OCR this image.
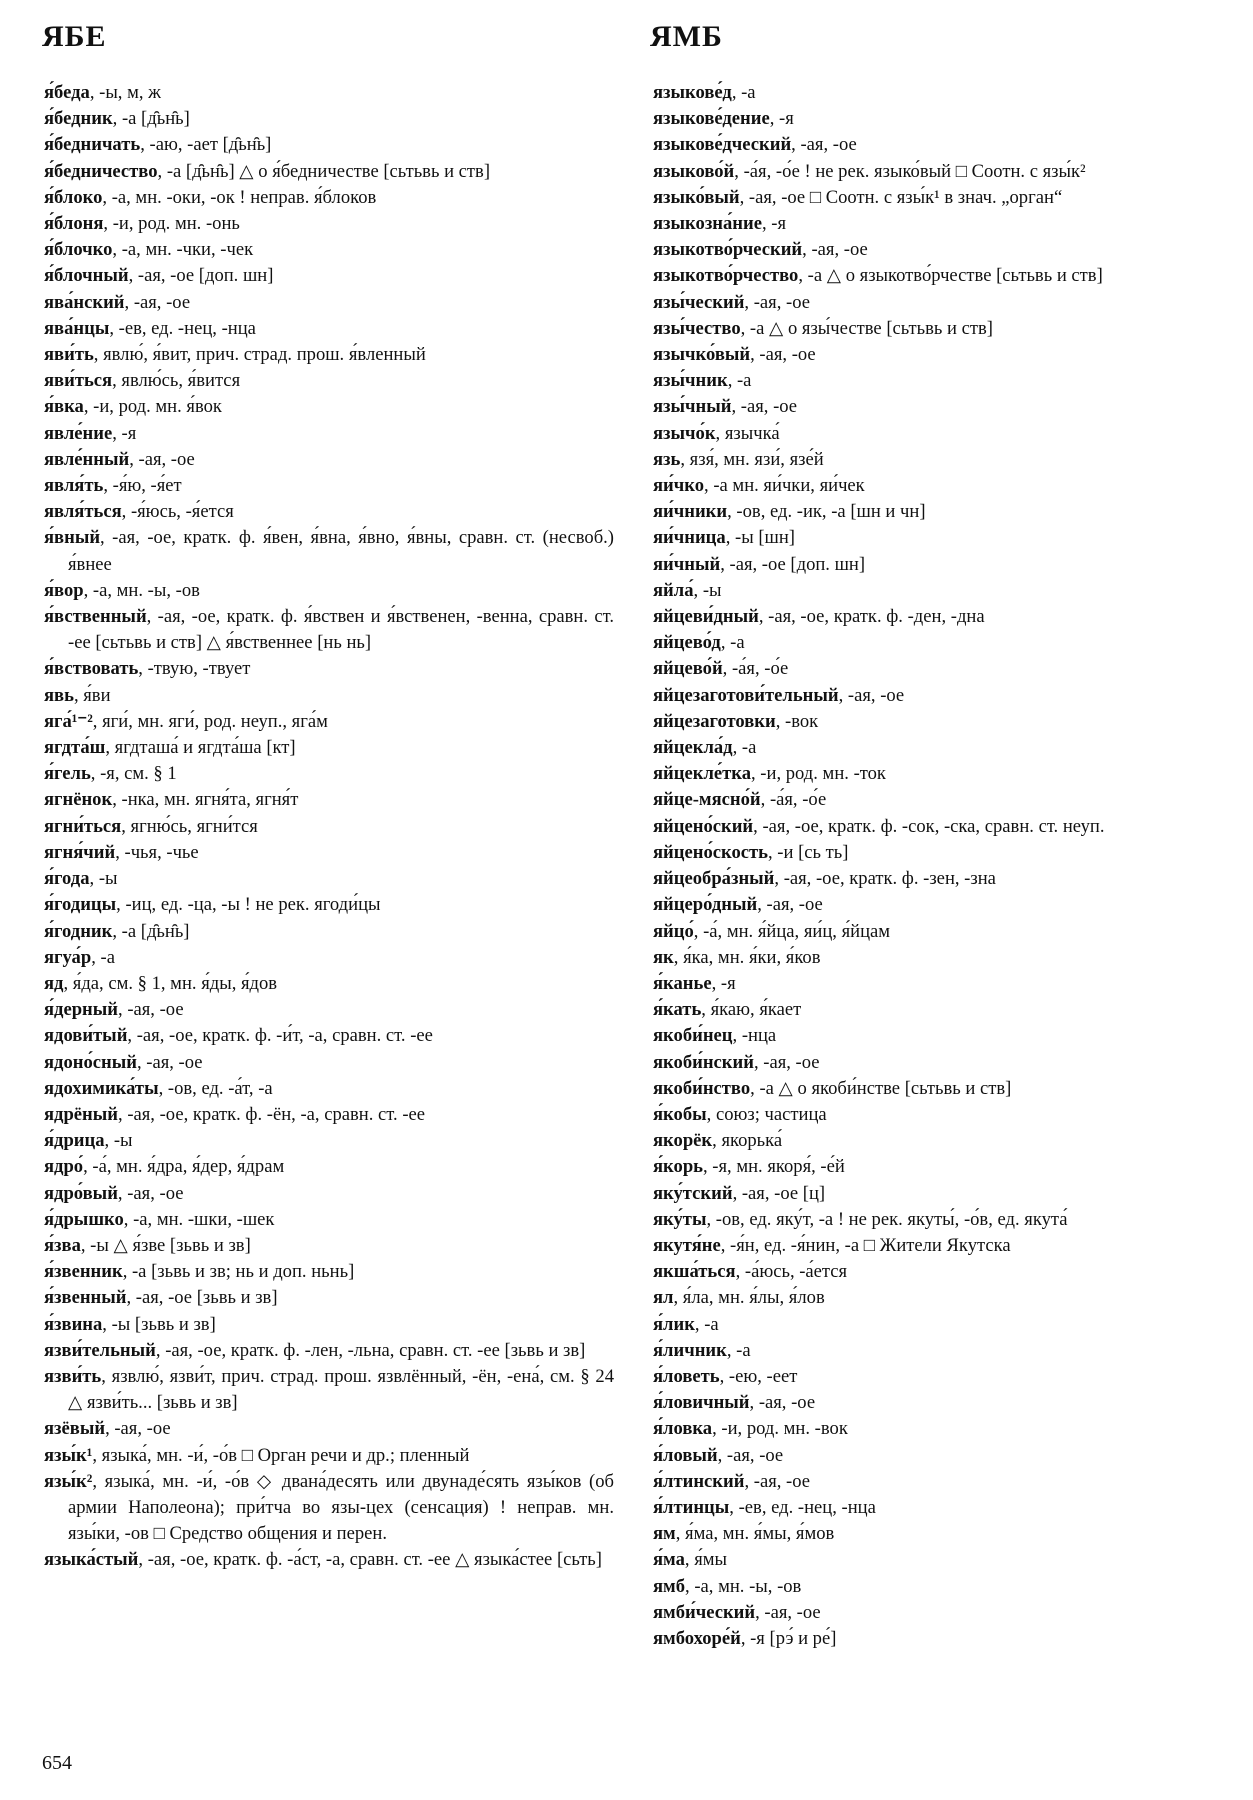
ЯБЕ	ЯМБ

я́беда, -ы, м, ж

я́бедник, -а [д̑ьн̑ь]

я́бедничать, -аю, -ает [д̑ьн̑ь]

я́бедничество, -а [д̑ьн̑ь] △ о я́бедничестве [сьтьвь и ств]

я́блоко, -а, мн. -оки, -ок ! неправ. я́блоков

я́блоня, -и, род. мн. -онь

я́блочко, -а, мн. -чки, -чек

я́блочный, -ая, -ое [доп. шн]

ява́нский, -ая, -ое

ява́нцы, -ев, ед. -нец, -нца

яви́ть, явлю́, я́вит, прич. страд. прош. я́вленный

яви́ться, явлю́сь, я́вится

я́вка, -и, род. мн. я́вок

явле́ние, -я

явле́нный, -ая, -ое

явля́ть, -я́ю, -я́ет

явля́ться, -я́юсь, -я́ется

я́вный, -ая, -ое, кратк. ф. я́вен, я́вна, я́вно, я́вны, сравн. ст. (несвоб.) я́внее

я́вор, -а, мн. -ы, -ов

я́вственный, -ая, -ое, кратк. ф. я́вствен и я́вственен, -венна, сравн. ст. -ее [сьтьвь и ств] △ я́вственнее [нь нь]

я́вствовать, -твую, -твует

явь, я́ви

яга́¹⁻², яги́, мн. яги́, род. неуп., яга́м

ягдта́ш, ягдташа́ и ягдта́ша [кт]

я́гель, -я, см. § 1

ягнёнок, -нка, мн. ягня́та, ягня́т

ягни́ться, ягню́сь, ягни́тся

ягня́чий, -чья, -чье

я́года, -ы

я́годицы, -иц, ед. -ца, -ы ! не рек. ягоди́цы

я́годник, -а [д̑ьн̑ь]

ягуа́р, -а

яд, я́да, см. § 1, мн. я́ды, я́дов

я́дерный, -ая, -ое

ядови́тый, -ая, -ое, кратк. ф. -и́т, -а, сравн. ст. -ее

ядоно́сный, -ая, -ое

ядохимика́ты, -ов, ед. -а́т, -а

ядрёный, -ая, -ое, кратк. ф. -ён, -а, сравн. ст. -ее

я́дрица, -ы

ядро́, -а́, мн. я́дра, я́дер, я́драм

ядро́вый, -ая, -ое

я́дрышко, -а, мн. -шки, -шек

я́зва, -ы △ я́зве [зьвь и зв]

я́звенник, -а [зьвь и зв; нь и доп. ньнь]

я́звенный, -ая, -ое [зьвь и зв]

я́звина, -ы [зьвь и зв]

язви́тельный, -ая, -ое, кратк. ф. -лен, -льна, сравн. ст. -ее [зьвь и зв]

язви́ть, язвлю́, язви́т, прич. страд. прош. язвлённый, -ён, -ена́, см. § 24 △ язви́ть... [зьвь и зв]

язёвый, -ая, -ое

язы́к¹, языка́, мн. -и́, -о́в □ Орган речи и др.; пленный

язы́к², языка́, мн. -и́, -о́в ◇ двана́десять или двунаде́сять язы́ков (об армии Наполеона); при́тча во язы-цех (сенсация) ! неправ. мн. язы́ки, -ов □ Средство общения и перен.

языка́стый, -ая, -ое, кратк. ф. -а́ст, -а, сравн. ст. -ее △ языка́стее [сьть]

языкове́д, -а

языкове́дение, -я

языкове́дческий, -ая, -ое

языково́й, -а́я, -о́е ! не рек. языко́вый □ Соотн. с язы́к²

языко́вый, -ая, -ое □ Соотн. с язы́к¹ в знач. „орган“

языкозна́ние, -я

языкотво́рческий, -ая, -ое

языкотво́рчество, -а △ о языкотво́рчестве [сьтьвь и ств]

язы́ческий, -ая, -ое

язы́чество, -а △ о язы́честве [сьтьвь и ств]

язычко́вый, -ая, -ое

язы́чник, -а

язы́чный, -ая, -ое

язычо́к, язычка́

язь, язя́, мн. язи́, язе́й

яи́чко, -а мн. яи́чки, яи́чек

яи́чники, -ов, ед. -ик, -а [шн и чн]

яи́чница, -ы [шн]

яи́чный, -ая, -ое [доп. шн]

яйла́, -ы

яйцеви́дный, -ая, -ое, кратк. ф. -ден, -дна

яйцево́д, -а

яйцево́й, -а́я, -о́е

яйцезаготови́тельный, -ая, -ое

яйцезаготовки, -вок

яйцекла́д, -а

яйцекле́тка, -и, род. мн. -ток

яйце-мясно́й, -а́я, -о́е

яйцено́ский, -ая, -ое, кратк. ф. -сок, -ска, сравн. ст. неуп.

яйцено́скость, -и [сь ть]

яйцеобра́зный, -ая, -ое, кратк. ф. -зен, -зна

яйцеро́дный, -ая, -ое

яйцо́, -а́, мн. я́йца, яи́ц, я́йцам

як, я́ка, мн. я́ки, я́ков

я́канье, -я

я́кать, я́каю, я́кает

якоби́нец, -нца

якоби́нский, -ая, -ое

якоби́нство, -а △ о якоби́нстве [сьтьвь и ств]

я́кобы, союз; частица

якорёк, якорька́

я́корь, -я, мн. якоря́, -е́й

яку́тский, -ая, -ое [ц]

яку́ты, -ов, ед. яку́т, -а ! не рек. якуты́, -о́в, ед. якута́

якутя́не, -я́н, ед. -я́нин, -а □ Жители Якутска

якша́ться, -а́юсь, -а́ется

ял, я́ла, мн. я́лы, я́лов

я́лик, -а

я́личник, -а

я́ловеть, -ею, -еет

я́ловичный, -ая, -ое

я́ловка, -и, род. мн. -вок

я́ловый, -ая, -ое

я́лтинский, -ая, -ое

я́лтинцы, -ев, ед. -нец, -нца

ям, я́ма, мн. я́мы, я́мов

я́ма, я́мы

ямб, -а, мн. -ы, -ов

ямби́ческий, -ая, -ое

ямбохоре́й, -я [рэ́ и ре́]

654
